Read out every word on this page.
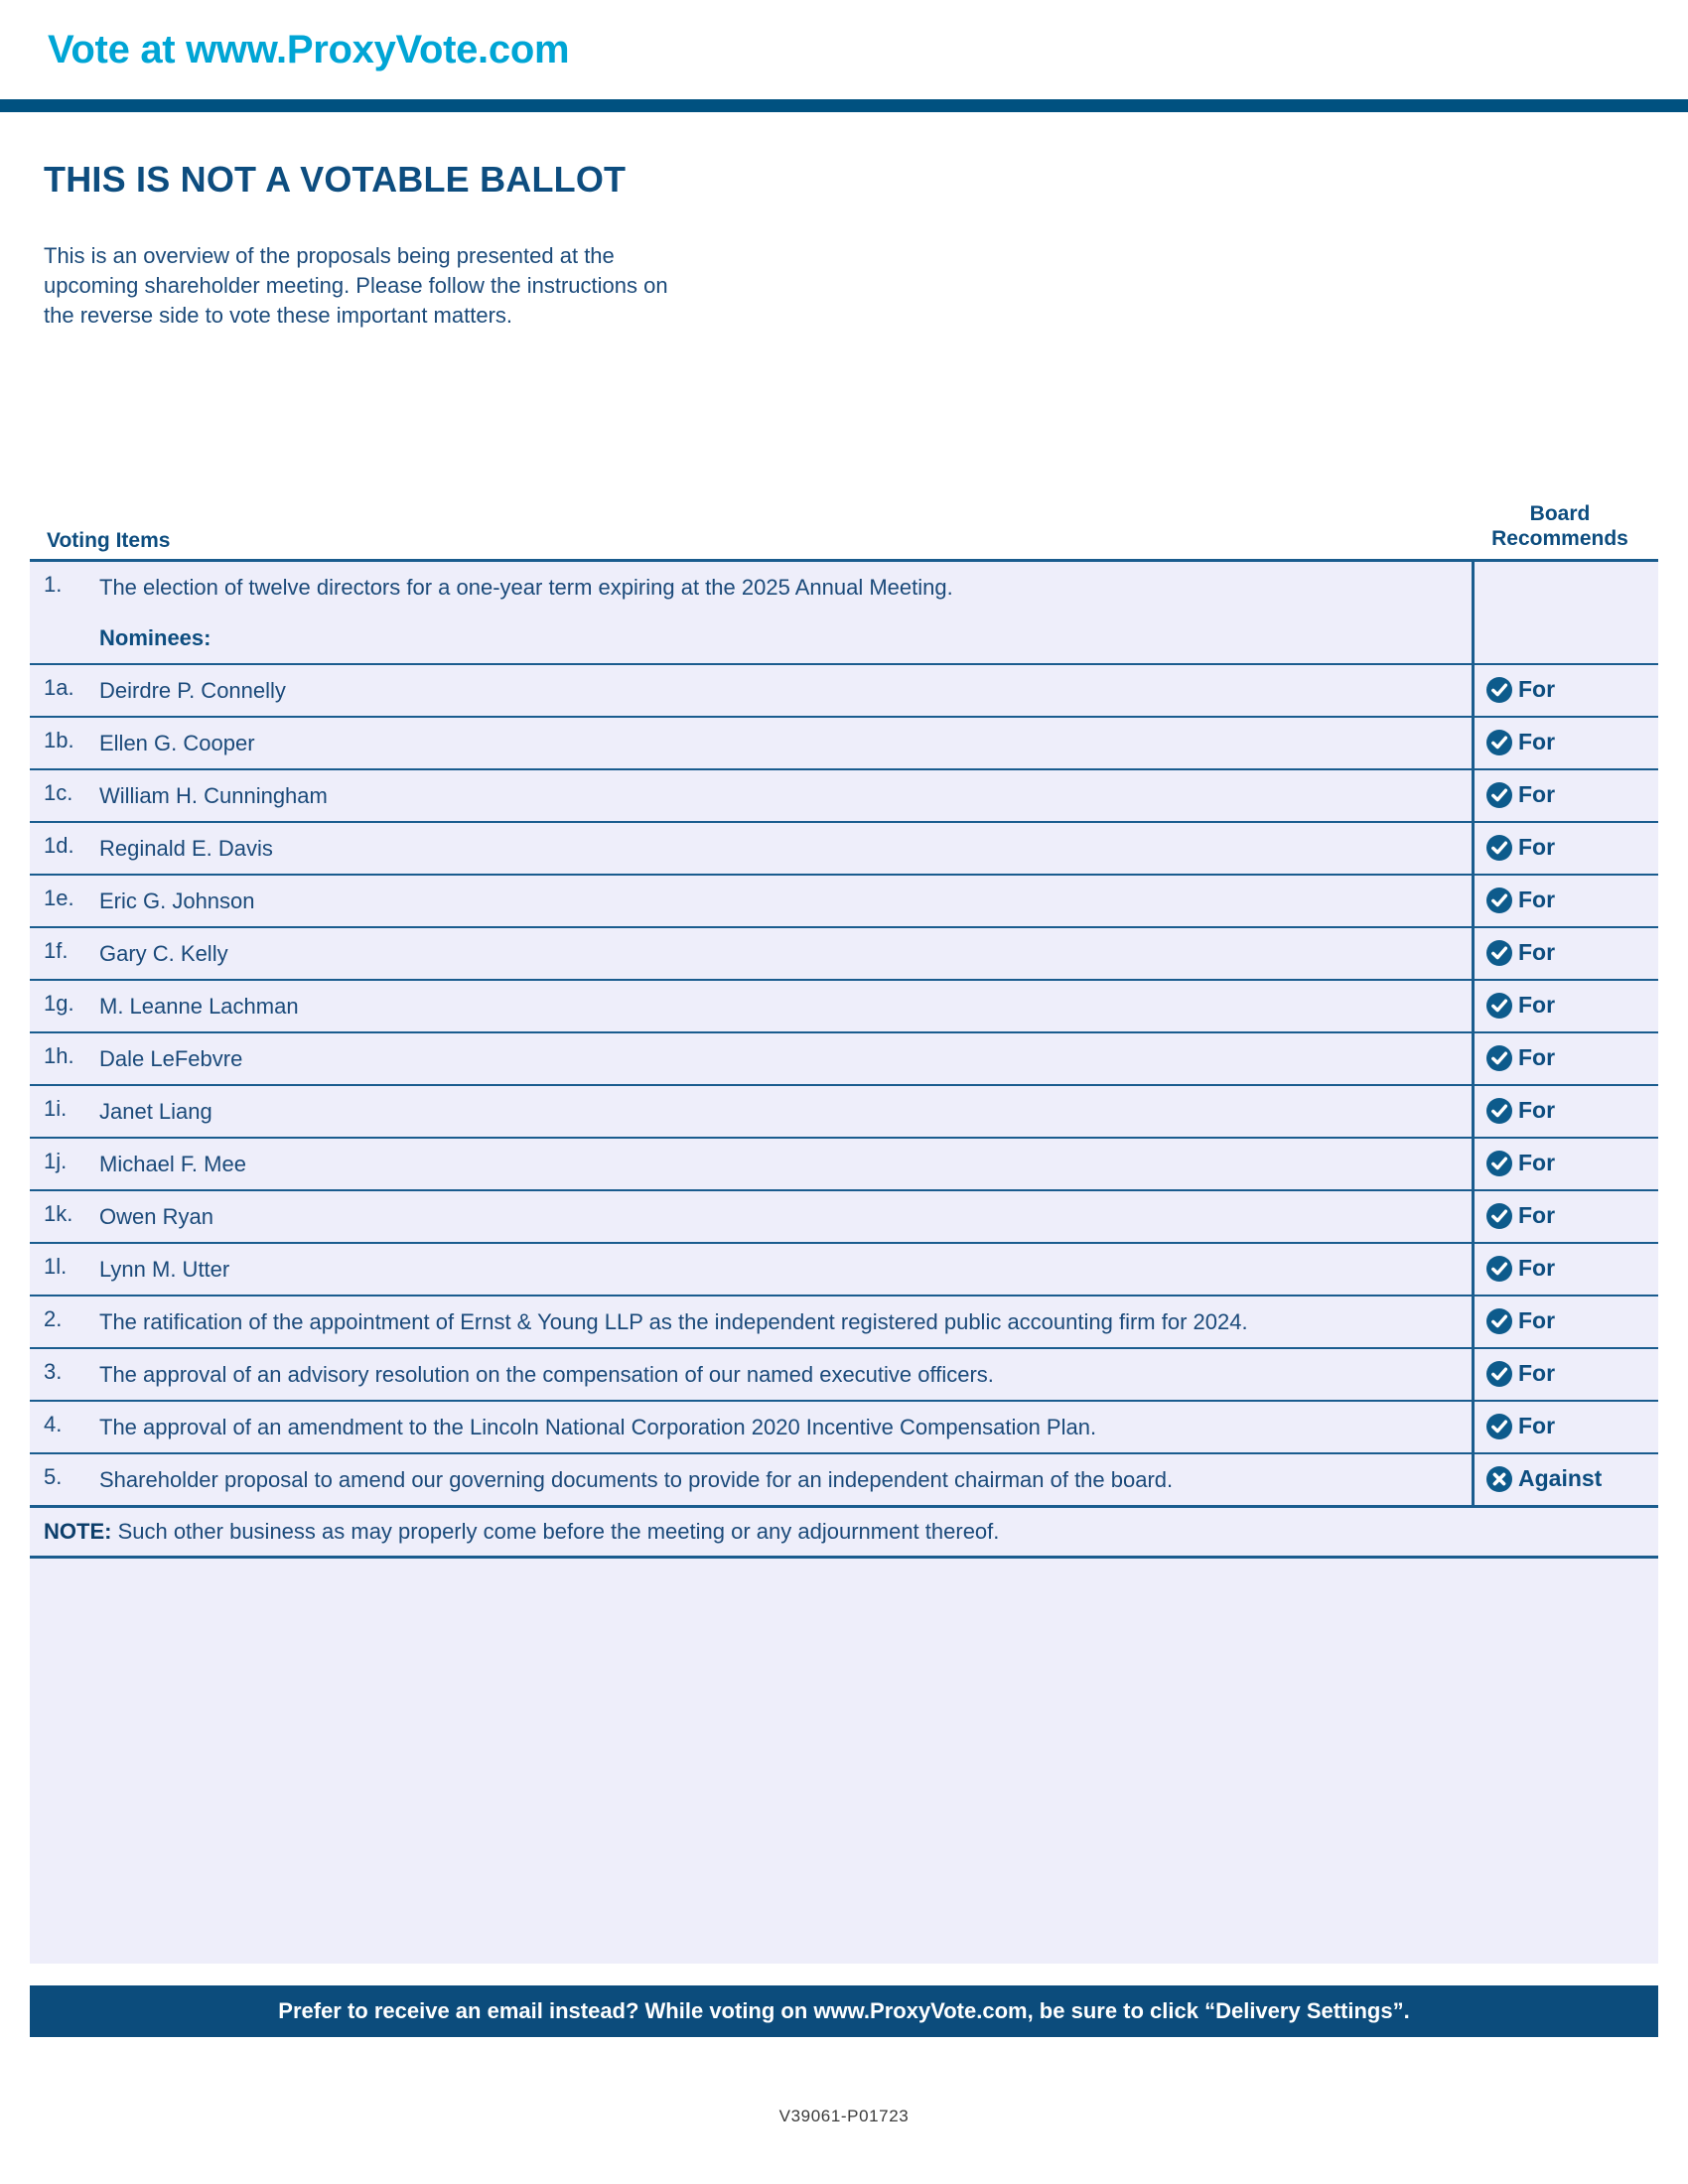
Vote at www.ProxyVote.com
THIS IS NOT A VOTABLE BALLOT
This is an overview of the proposals being presented at the
upcoming shareholder meeting. Please follow the instructions on
the reverse side to vote these important matters.
Voting Items
Board
Recommends
1.	The election of twelve directors for a one-year term expiring at the 2025 Annual Meeting.
Nominees:
1a.	Deirdre P. Connelly	For
1b.	Ellen G. Cooper	For
1c.	William H. Cunningham	For
1d.	Reginald E. Davis	For
1e.	Eric G. Johnson	For
1f.	Gary C. Kelly	For
1g.	M. Leanne Lachman	For
1h.	Dale LeFebvre	For
1i.	Janet Liang	For
1j.	Michael F. Mee	For
1k.	Owen Ryan	For
1l.	Lynn M. Utter	For
2.	The ratification of the appointment of Ernst & Young LLP as the independent registered public accounting firm for 2024.	For
3.	The approval of an advisory resolution on the compensation of our named executive officers.	For
4.	The approval of an amendment to the Lincoln National Corporation 2020 Incentive Compensation Plan.	For
5.	Shareholder proposal to amend our governing documents to provide for an independent chairman of the board.	Against
NOTE: Such other business as may properly come before the meeting or any adjournment thereof.
Prefer to receive an email instead? While voting on www.ProxyVote.com, be sure to click “Delivery Settings”.
V39061-P01723
